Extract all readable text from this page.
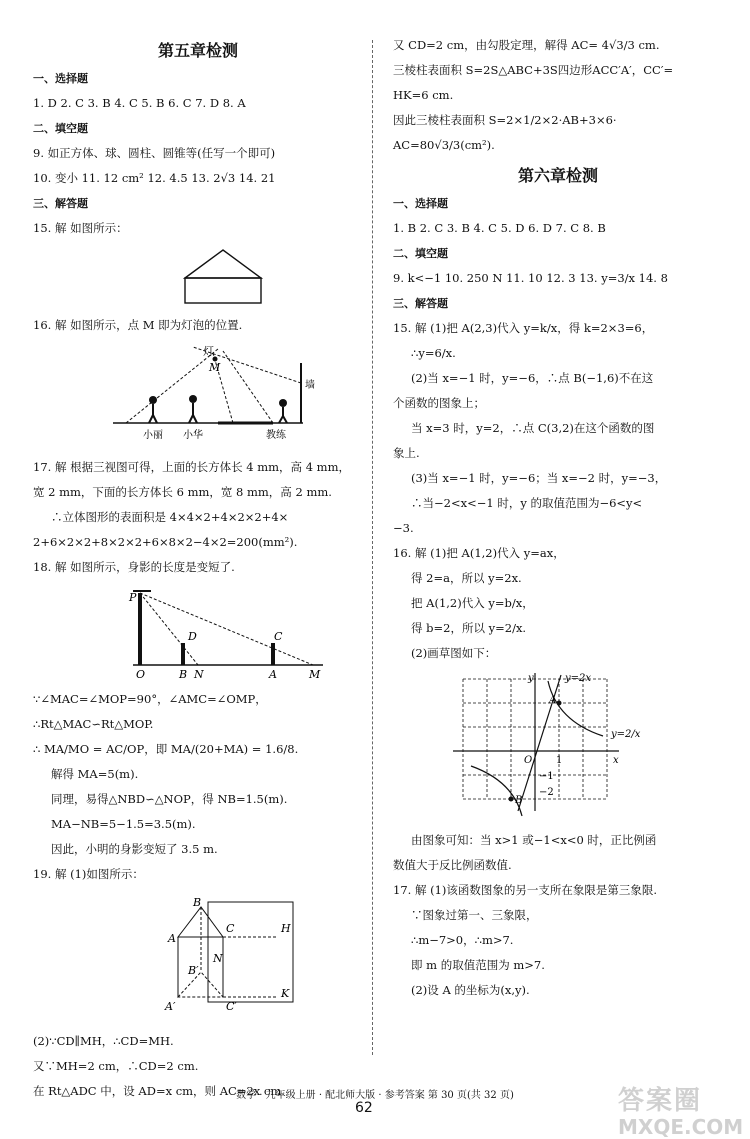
第五章检测
一、选择题
1. D 2. C 3. B 4. C 5. B 6. C 7. D 8. A
二、填空题
9. 如正方体、球、圆柱、圆锥等(任写一个即可)
10. 变小 11. 12 cm² 12. 4.5 13. 2√3 14. 21
三、解答题
15. 解 如图所示：
16. 解 如图所示，点 M 即为灯泡的位置.
灯
M
小丽 小华	教练
墙
17. 解 根据三视图可得，上面的长方体长 4 mm，高 4 mm，
宽 2 mm，下面的长方体长 6 mm，宽 8 mm，高 2 mm.
∴立体图形的表面积是 4×4×2+4×2×2+4×
2+6×2×2+8×2×2+6×8×2−4×2=200(mm²).
18. 解 如图所示，身影的长度是变短了.
P
D	C
O	B N	A	M
∵∠MAC=∠MOP=90°，∠AMC=∠OMP，
∴Rt△MAC∽Rt△MOP.
∴ MA/MO = AC/OP，即 MA/(20+MA) = 1.6/8.
解得 MA=5(m).
同理，易得△NBD∽△NOP，得 NB=1.5(m).
MA−NB=5−1.5=3.5(m).
因此，小明的身影变短了 3.5 m.
19. 解 (1)如图所示：
B
C
A
H
N
B′
C′
A′
K
(2)∵CD∥MH，∴CD=MH.
又∵MH=2 cm，∴CD=2 cm.
在 Rt△ADC 中，设 AD=x cm，则 AC=2x cm.
又 CD=2 cm，由勾股定理，解得 AC= 4√3/3 cm.
三棱柱表面积 S=2S△ABC+3S四边形ACC′A′，CC′=
HK=6 cm.
因此三棱柱表面积 S=2×1/2×2·AB+3×6·
AC=80√3/3(cm²).
第六章检测
一、选择题
1. B 2. C 3. B 4. C 5. D 6. D 7. C 8. B
二、填空题
9. k<−1 10. 250 N 11. 10 12. 3 13. y=3/x 14. 8
三、解答题
15. 解 (1)把 A(2,3)代入 y=k/x，得 k=2×3=6，
∴y=6/x.
(2)当 x=−1 时，y=−6，∴点 B(−1,6)不在这
个函数的图象上；
当 x=3 时，y=2，∴点 C(3,2)在这个函数的图
象上.
(3)当 x=−1 时，y=−6；当 x=−2 时，y=−3，
∴当−2<x<−1 时，y 的取值范围为−6<y<
−3.
16. 解 (1)把 A(1,2)代入 y=ax，
得 2=a，所以 y=2x.
把 A(1,2)代入 y=b/x，
得 b=2，所以 y=2/x.
(2)画草图如下：
y	y=2x
A
y=2/x
O 1	x
−1
−2
B
由图象可知：当 x>1 或−1<x<0 时，正比例函
数值大于反比例函数值.
17. 解 (1)该函数图象的另一支所在象限是第三象限.
∵图象过第一、三象限，
∴m−7>0，∴m>7.
即 m 的取值范围为 m>7.
(2)设 A 的坐标为(x,y).
数学 · 九年级上册 · 配北师大版 · 参考答案 第 30 页(共 32 页)
62	答案圈
MXQE.COM
